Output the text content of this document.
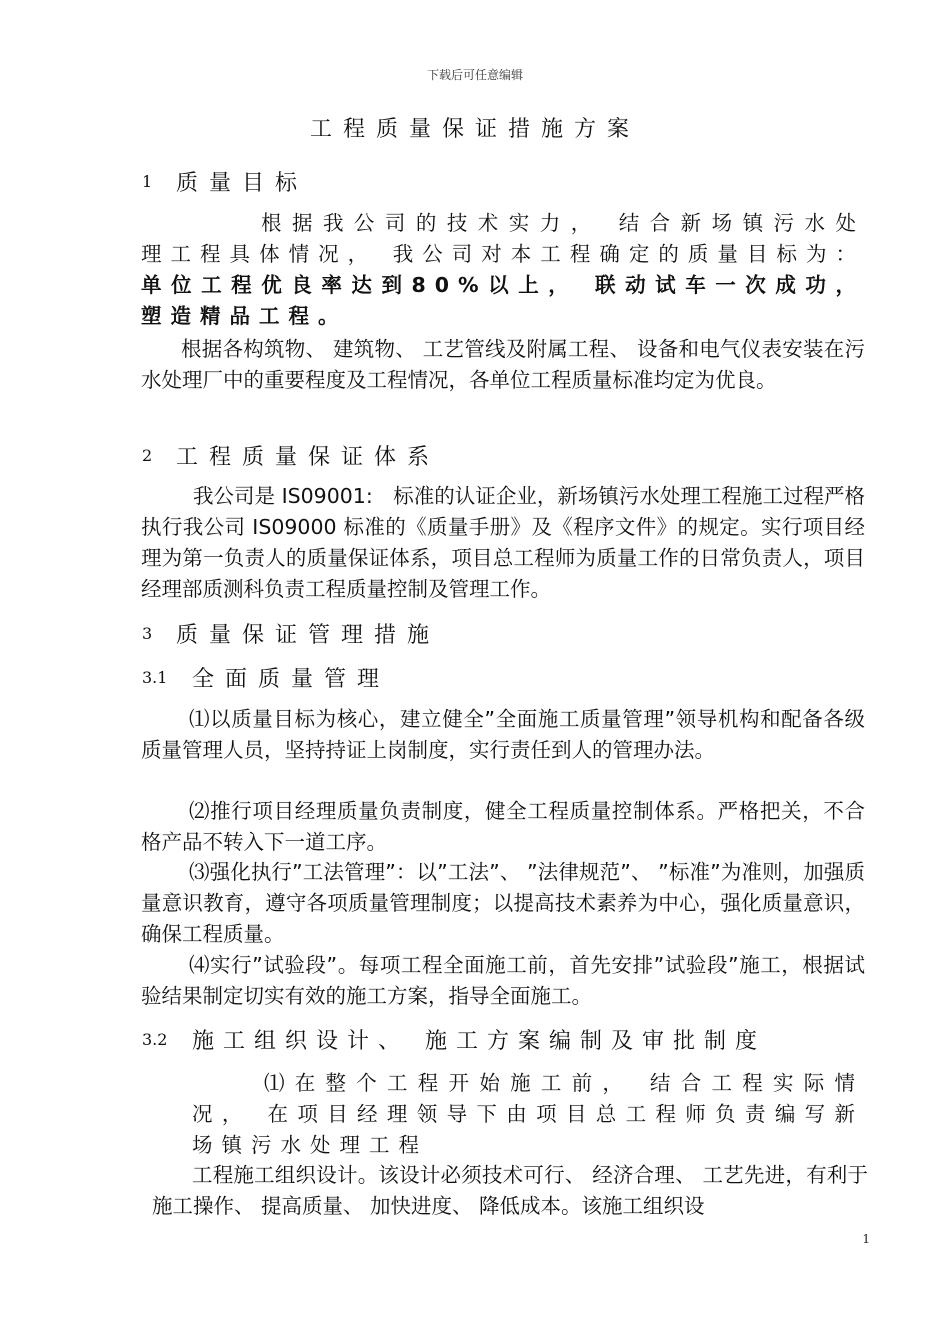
下载后可任意编辑
工程质量保证措施方案
1 质量目标

根据我公司的技术实力， 结合新场镇污水处理工程具体情况， 我公司对本工程确定的质量目标为：单位工程优良率达到80%以上， 联动试车一次成功， 塑造精品工程。

根据各构筑物、 建筑物、 工艺管线及附属工程、 设备和电气仪表安装在污水处理厂中的重要程度及工程情况，各单位工程质量标准均定为优良。

2 工程质量保证体系

我公司是 IS09001:　标准的认证企业，新场镇污水处理工程施工过程严格执行我公司 IS09000 标准的《质量手册》及《程序文件》的规定。实行项目经理为第一负责人的质量保证体系，项目总工程师为质量工作的日常负责人，项目经理部质测科负责工程质量控制及管理工作。

3 质量保证管理措施
3.1 全面质量管理

⑴以质量目标为核心，建立健全”全面施工质量管理”领导机构和配备各级质量管理人员，坚持持证上岗制度，实行责任到人的管理办法。

⑵推行项目经理质量负责制度，健全工程质量控制体系。严格把关，不合格产品不转入下一道工序。

⑶强化执行”工法管理”：以”工法”、 ”法律规范”、 ”标准”为准则，加强质量意识教育，遵守各项质量管理制度；以提高技术素养为中心，强化质量意识，确保工程质量。

⑷实行”试验段”。每项工程全面施工前，首先安排”试验段”施工，根据试验结果制定切实有效的施工方案，指导全面施工。

3.2 施工组织设计、 施工方案编制及审批制度

⑴在整个工程开始施工前， 结合工程实际情况， 在项目经理领导下由项目总工程师负责编写新场镇污水处理工程

工程施工组织设计。该设计必须技术可行、 经济合理、 工艺先进，有利于施工操作、 提高质量、 加快进度、 降低成本。该施工组织设

1
